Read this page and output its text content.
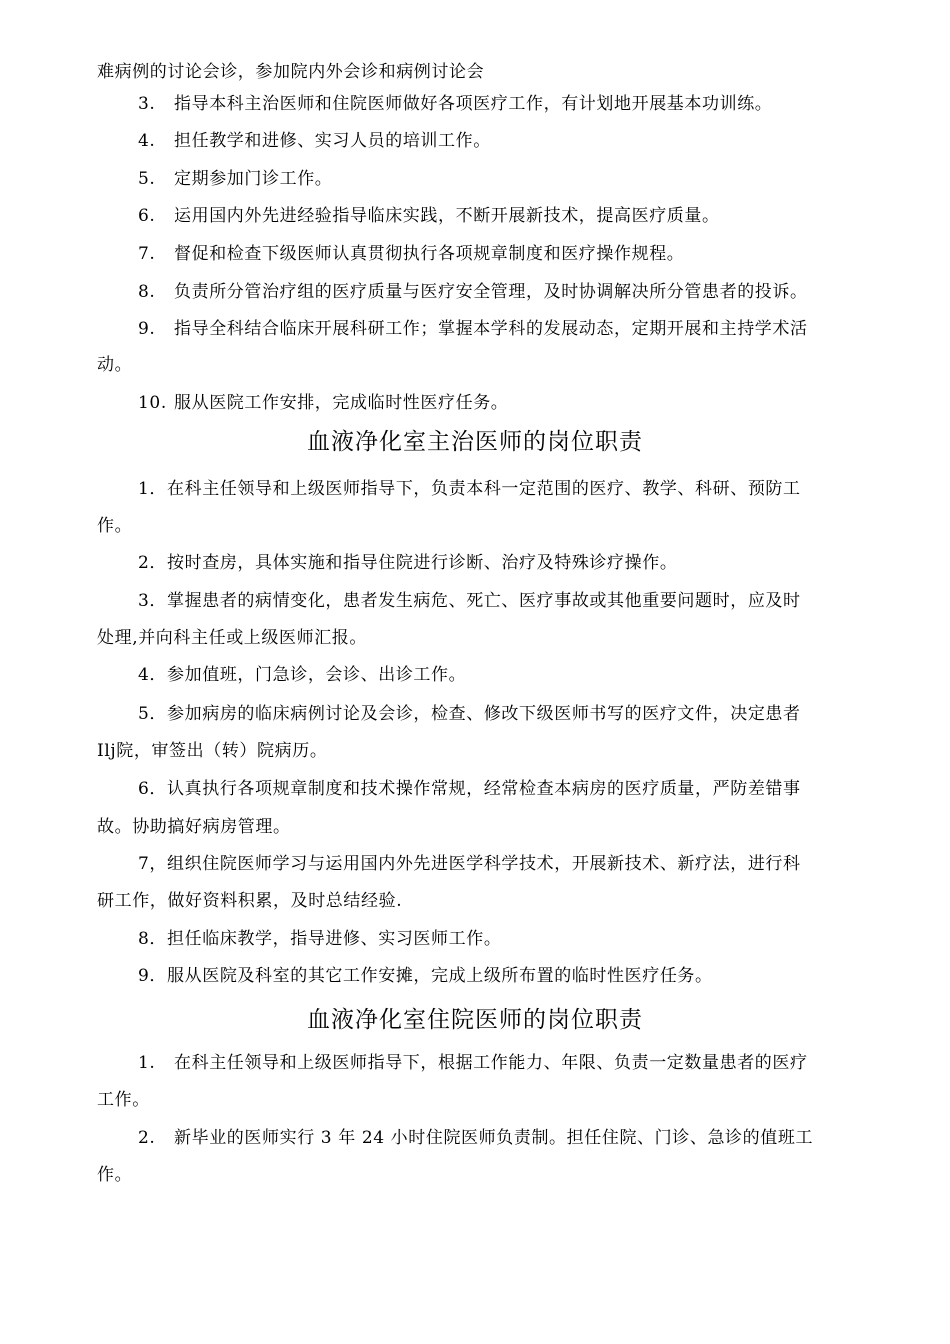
难病例的讨论会诊，参加院内外会诊和病例讨论会
3. 指导本科主治医师和住院医师做好各项医疗工作，有计划地开展基本功训练。
4. 担任教学和进修、实习人员的培训工作。
5. 定期参加门诊工作。
6. 运用国内外先进经验指导临床实践，不断开展新技术，提高医疗质量。
7. 督促和检查下级医师认真贯彻执行各项规章制度和医疗操作规程。
8. 负责所分管治疗组的医疗质量与医疗安全管理，及时协调解决所分管患者的投诉。
9. 指导全科结合临床开展科研工作；掌握本学科的发展动态，定期开展和主持学术活
动。
10. 服从医院工作安排，完成临时性医疗任务。
血液净化室主治医师的岗位职责
1．在科主任领导和上级医师指导下，负责本科一定范围的医疗、教学、科研、预防工
作。
2．按时查房，具体实施和指导住院进行诊断、治疗及特殊诊疗操作。
3．掌握患者的病情变化，患者发生病危、死亡、医疗事故或其他重要问题时，应及时
处理,并向科主任或上级医师汇报。
4．参加值班，门急诊，会诊、出诊工作。
5．参加病房的临床病例讨论及会诊，检查、修改下级医师书写的医疗文件，决定患者
Ilj院，审签出（转）院病历。
6．认真执行各项规章制度和技术操作常规，经常检查本病房的医疗质量，严防差错事
故。协助搞好病房管理。
7，组织住院医师学习与运用国内外先进医学科学技术，开展新技术、新疗法，进行科
研工作，做好资料积累，及时总结经验.
8．担任临床教学，指导进修、实习医师工作。
9．服从医院及科室的其它工作安摊，完成上级所布置的临时性医疗任务。
血液净化室住院医师的岗位职责
1. 在科主任领导和上级医师指导下，根据工作能力、年限、负责一定数量患者的医疗
工作。
2. 新毕业的医师实行 3 年 24 小时住院医师负责制。担任住院、门诊、急诊的值班工
作。
